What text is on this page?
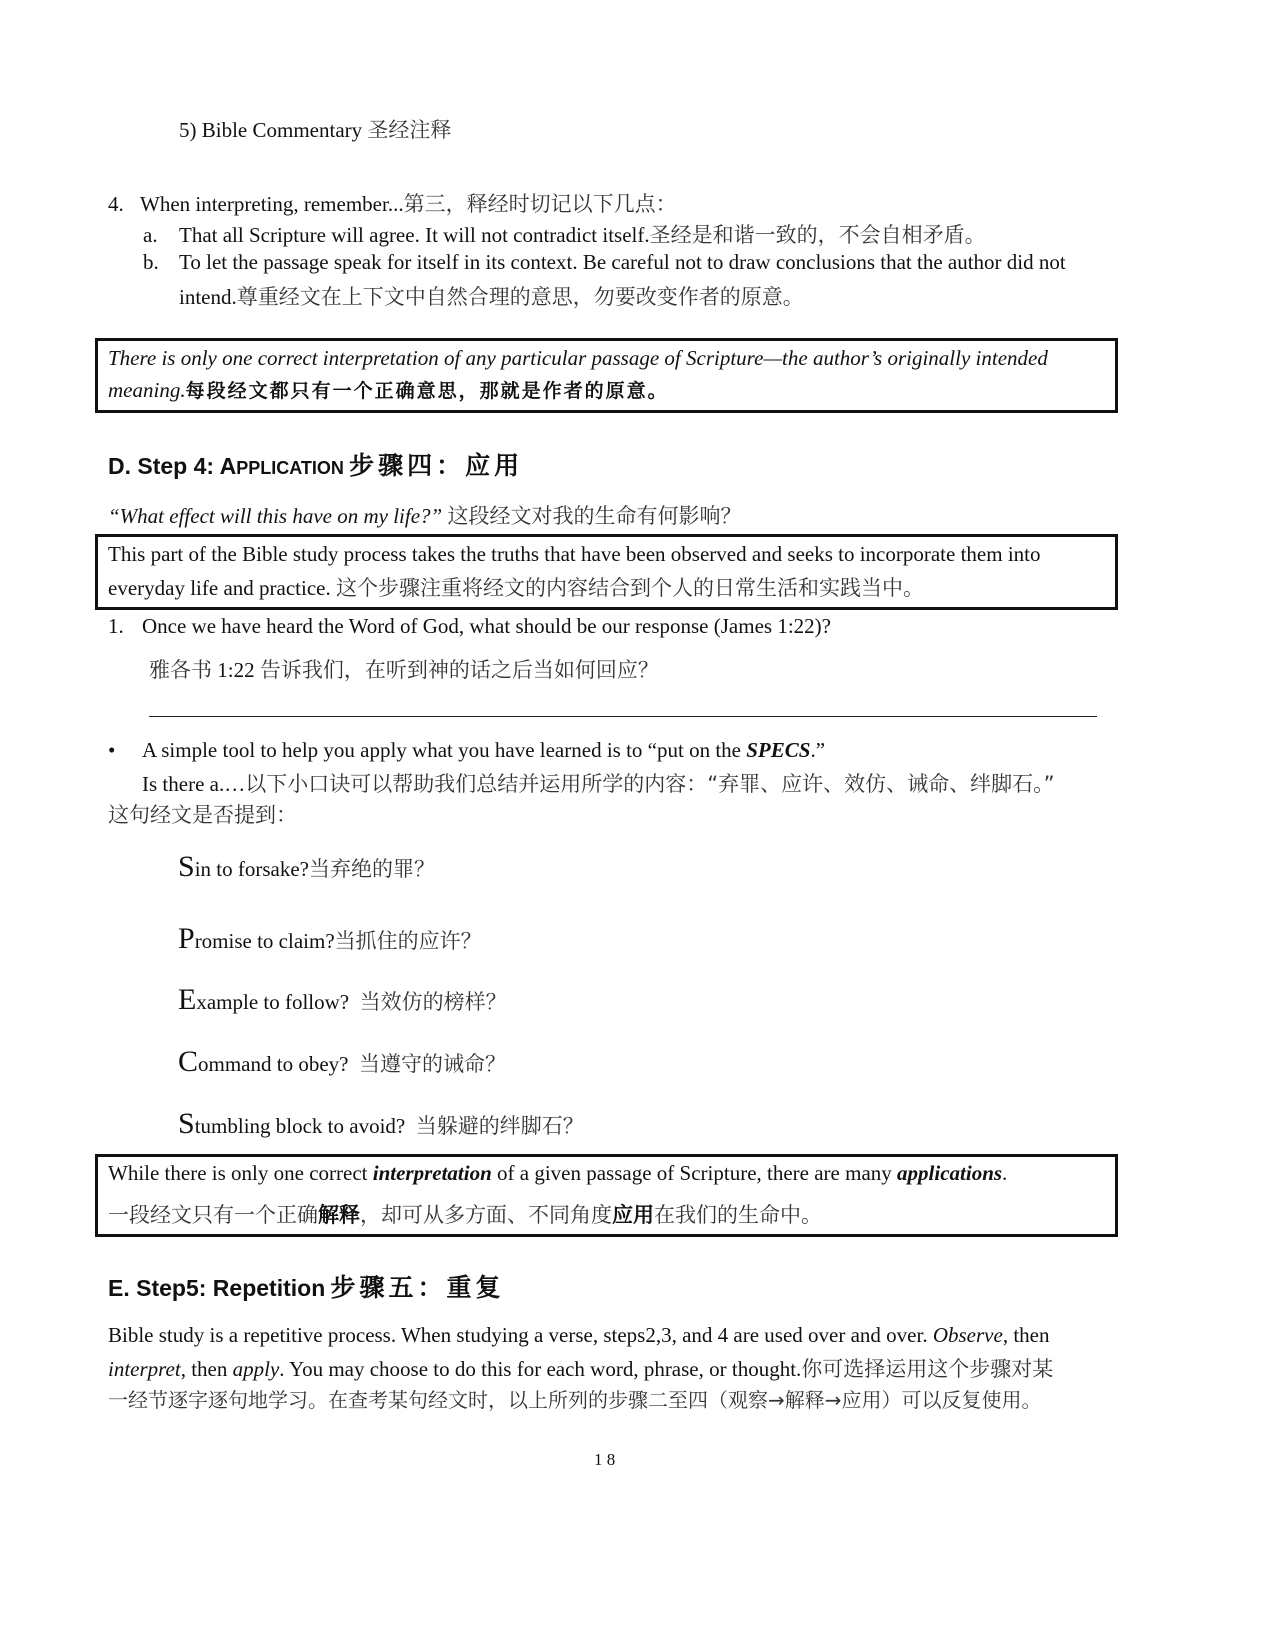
5) Bible Commentary 圣经注释
4. When interpreting, remember...第三，释经时切记以下几点：
a. That all Scripture will agree. It will not contradict itself.圣经是和谐一致的，不会自相矛盾。
b. To let the passage speak for itself in its context. Be careful not to draw conclusions that the author did not
intend.尊重经文在上下文中自然合理的意思，勿要改变作者的原意。
There is only one correct interpretation of any particular passage of Scripture—the author’s originally intended
meaning.每段经文都只有一个正确意思，那就是作者的原意。
D. Step 4: APPLICATION 步骤四：应用
“What effect will this have on my life?” 这段经文对我的生命有何影响？
This part of the Bible study process takes the truths that have been observed and seeks to incorporate them into
everyday life and practice. 这个步骤注重将经文的内容结合到个人的日常生活和实践当中。
1. Once we have heard the Word of God, what should be our response (James 1:22)?
雅各书 1:22 告诉我们，在听到神的话之后当如何回应？
• A simple tool to help you apply what you have learned is to “put on the SPECS.”
Is there a.…以下小口诀可以帮助我们总结并运用所学的内容：“弃罪、应许、效仿、诫命、绊脚石。”
这句经文是否提到：
Sin to forsake?当弃绝的罪？
Promise to claim?当抓住的应许？
Example to follow?  当效仿的榜样？
Command to obey?  当遵守的诫命？
Stumbling block to avoid?  当躲避的绊脚石？
While there is only one correct interpretation of a given passage of Scripture, there are many applications.
一段经文只有一个正确解释，却可从多方面、不同角度应用在我们的生命中。
E. Step5: Repetition 步骤五：重复
Bible study is a repetitive process. When studying a verse, steps2,3, and 4 are used over and over. Observe, then
interpret, then apply. You may choose to do this for each word, phrase, or thought.你可选择运用这个步骤对某
一经节逐字逐句地学习。在查考某句经文时，以上所列的步骤二至四（观察→解释→应用）可以反复使用。
1 8
